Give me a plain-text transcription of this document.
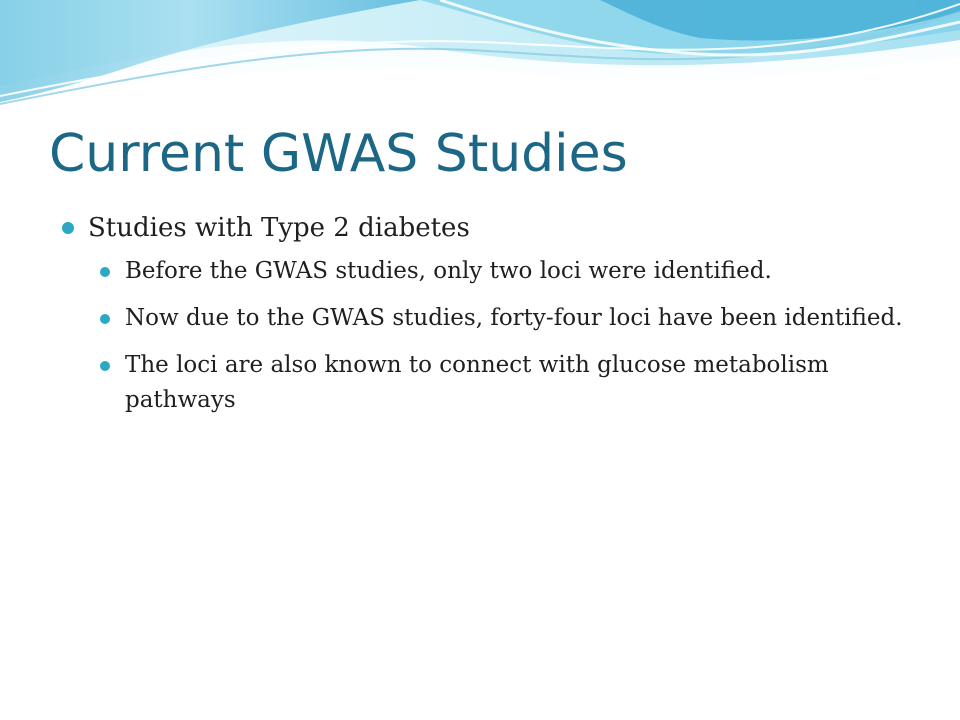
Current GWAS Studies
Studies with Type 2 diabetes
Before the GWAS studies, only two loci were identified.
Now due to the GWAS studies, forty-four loci have been identified.
The loci are also known to connect with glucose metabolism pathways
